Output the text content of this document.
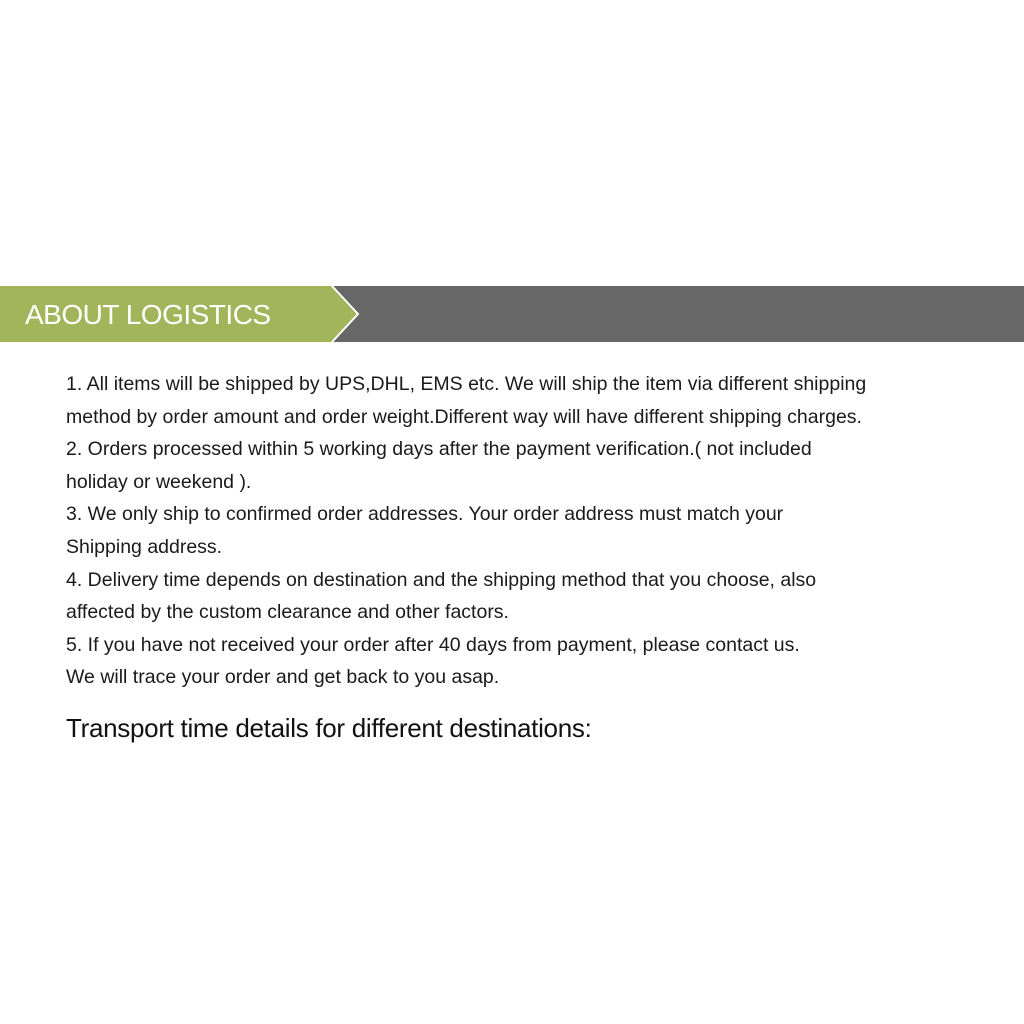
ABOUT LOGISTICS

1. All items will be shipped by UPS,DHL, EMS etc. We will ship the item via different shipping

method by order amount and order weight.Different way will have different shipping charges.

2. Orders processed within 5 working days after the payment verification.( not included

holiday or weekend ).

3. We only ship to confirmed order addresses. Your order address must match your

Shipping address.

4. Delivery time depends on destination and the shipping method that you choose, also

affected by the custom clearance and other factors.

5. If you have not received your order after 40 days from payment, please contact us.

We will trace your order and get back to you asap.

Transport time details for different destinations:
